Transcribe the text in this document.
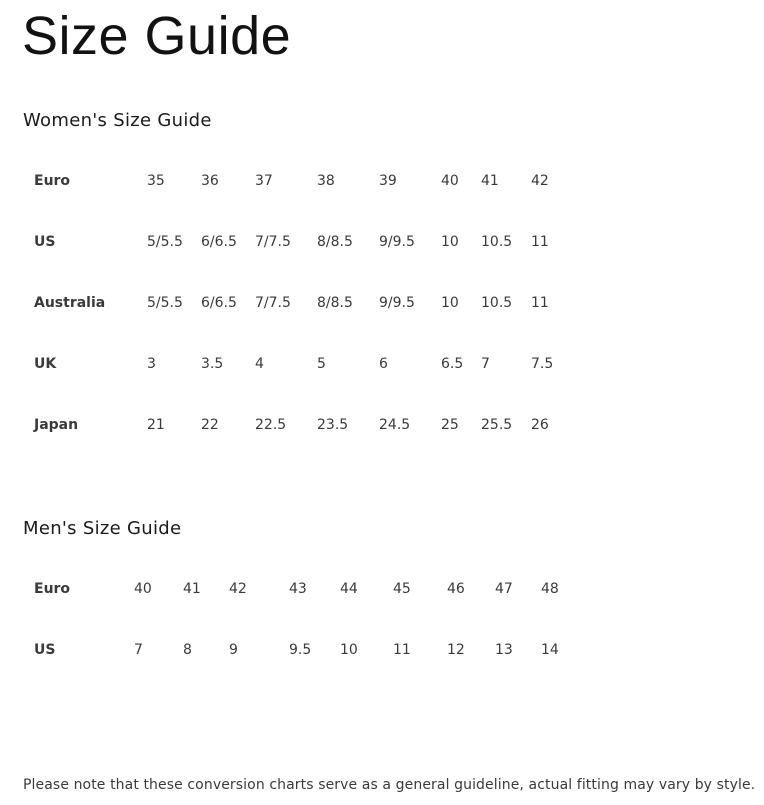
Size Guide
Women's Size Guide
Euro	35	36	37	38	39	40	41	42
US	5/5.5	6/6.5	7/7.5	8/8.5	9/9.5	10	10.5	11
Australia	5/5.5	6/6.5	7/7.5	8/8.5	9/9.5	10	10.5	11
UK	3	3.5	4	5	6	6.5	7	7.5
Japan	21	22	22.5	23.5	24.5	25	25.5	26
Men's Size Guide
Euro	40	41	42	43	44	45	46	47	48
US	7	8	9	9.5	10	11	12	13	14

Please note that these conversion charts serve as a general guideline, actual fitting may vary by style.
